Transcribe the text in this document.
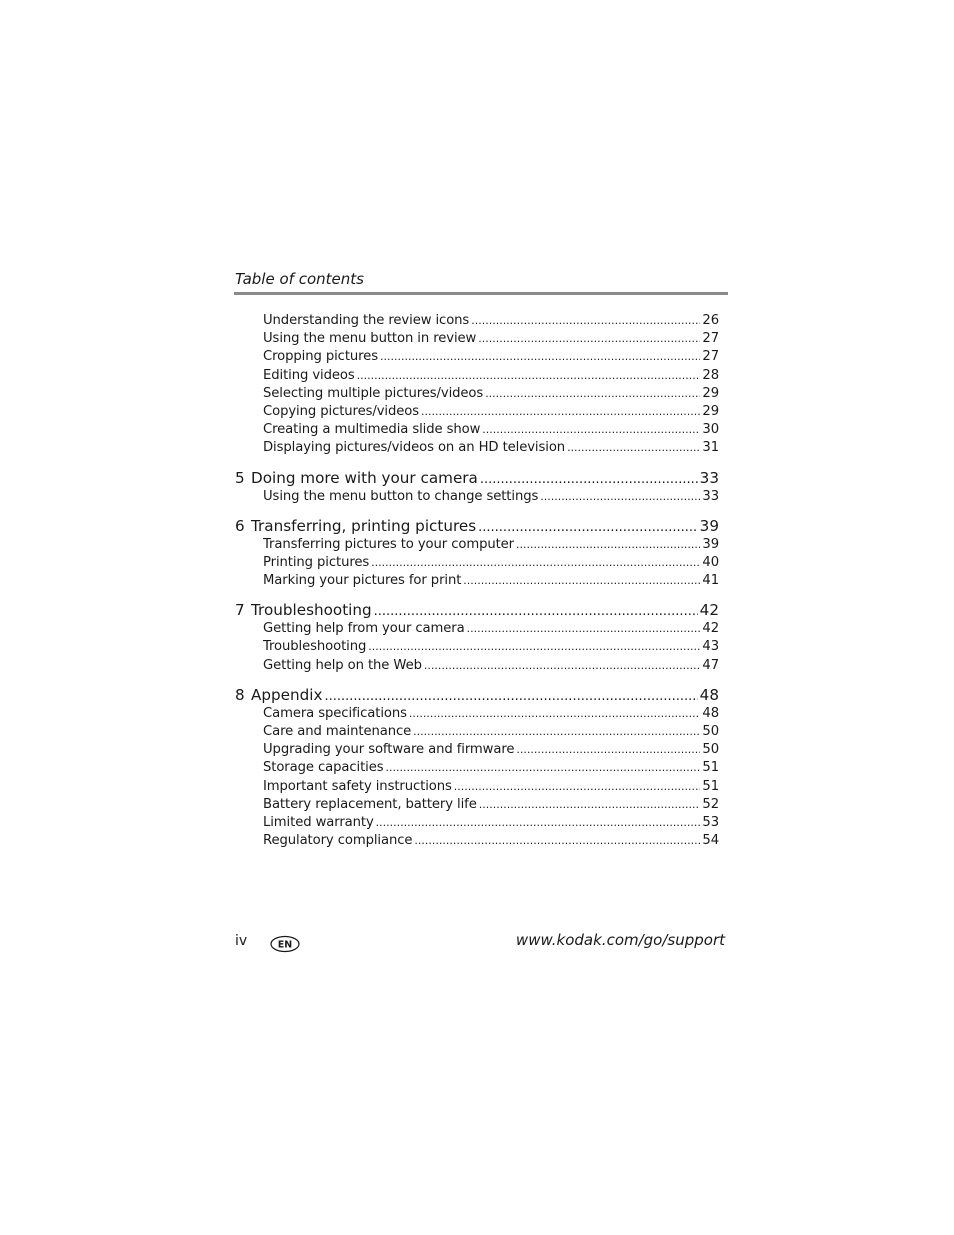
Table of contents
Understanding the review icons .....	26
Using the menu button in review .....	27
Cropping pictures .....	27
Editing videos .....	28
Selecting multiple pictures/videos .....	29
Copying pictures/videos .....	29
Creating a multimedia slide show .....	30
Displaying pictures/videos on an HD television .....	31
5 Doing more with your camera .....	33
Using the menu button to change settings .....	33
6 Transferring, printing pictures .....	39
Transferring pictures to your computer .....	39
Printing pictures .....	40
Marking your pictures for print .....	41
7 Troubleshooting .....	42
Getting help from your camera .....	42
Troubleshooting .....	43
Getting help on the Web .....	47
8 Appendix .....	48
Camera specifications .....	48
Care and maintenance .....	50
Upgrading your software and firmware .....	50
Storage capacities .....	51
Important safety instructions .....	51
Battery replacement, battery life .....	52
Limited warranty .....	53
Regulatory compliance .....	54
iv	EN	www.kodak.com/go/support
